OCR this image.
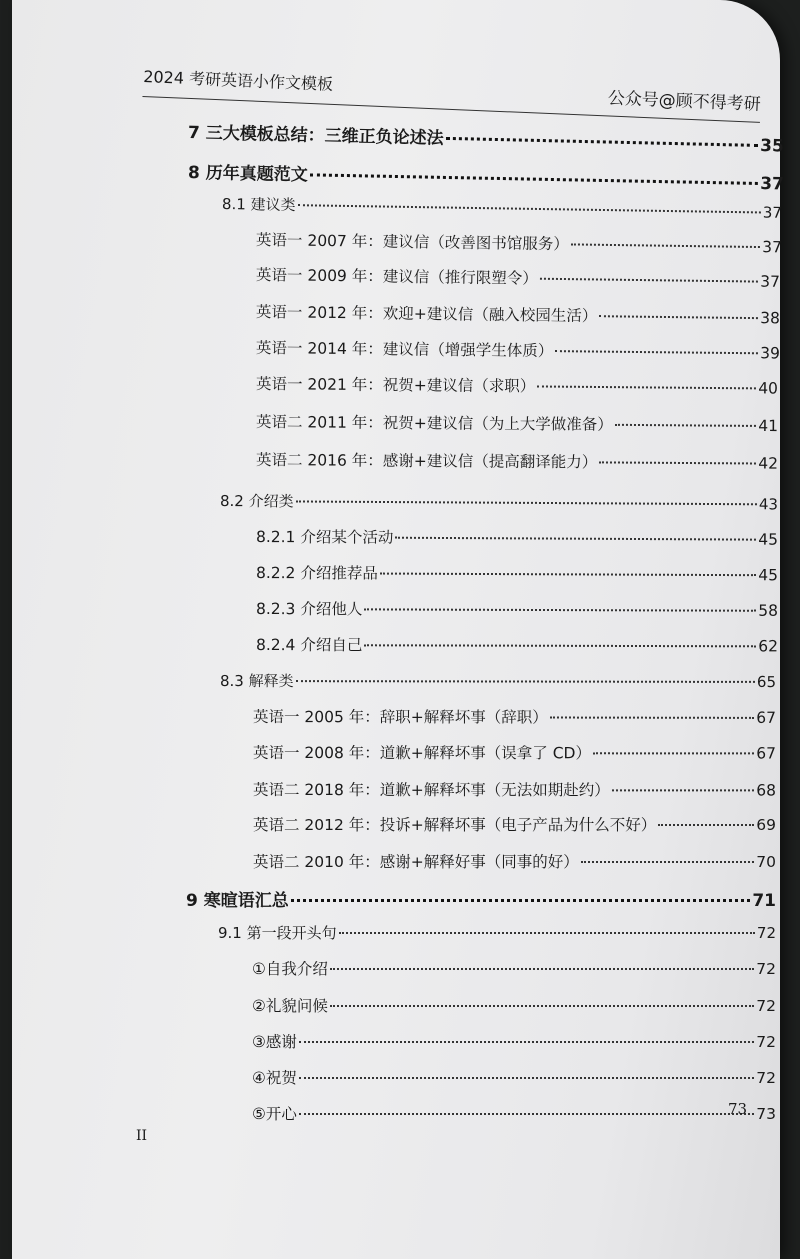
2024 考研英语小作文模板
公众号@顾不得考研
7 三大模板总结：三维正负论述法	35
8 历年真题范文	37
8.1 建议类	37
英语一 2007 年：建议信（改善图书馆服务）	37
英语一 2009 年：建议信（推行限塑令）	37
英语一 2012 年：欢迎+建议信（融入校园生活）	38
英语一 2014 年：建议信（增强学生体质）	39
英语一 2021 年：祝贺+建议信（求职）	40
英语二 2011 年：祝贺+建议信（为上大学做准备）	41
英语二 2016 年：感谢+建议信（提高翻译能力）	42
8.2 介绍类	43
8.2.1 介绍某个活动	45
8.2.2 介绍推荐品	45
8.2.3 介绍他人	58
8.2.4 介绍自己	62
8.3 解释类	65
英语一 2005 年：辞职+解释坏事（辞职）	67
英语一 2008 年：道歉+解释坏事（误拿了 CD）	67
英语二 2018 年：道歉+解释坏事（无法如期赴约）	68
英语二 2012 年：投诉+解释坏事（电子产品为什么不好）	69
英语二 2010 年：感谢+解释好事（同事的好）	70
9 寒暄语汇总	71
9.1 第一段开头句	72
①自我介绍	72
②礼貌问候	72
③感谢	72
④祝贺	72
⑤开心	73
73
II
